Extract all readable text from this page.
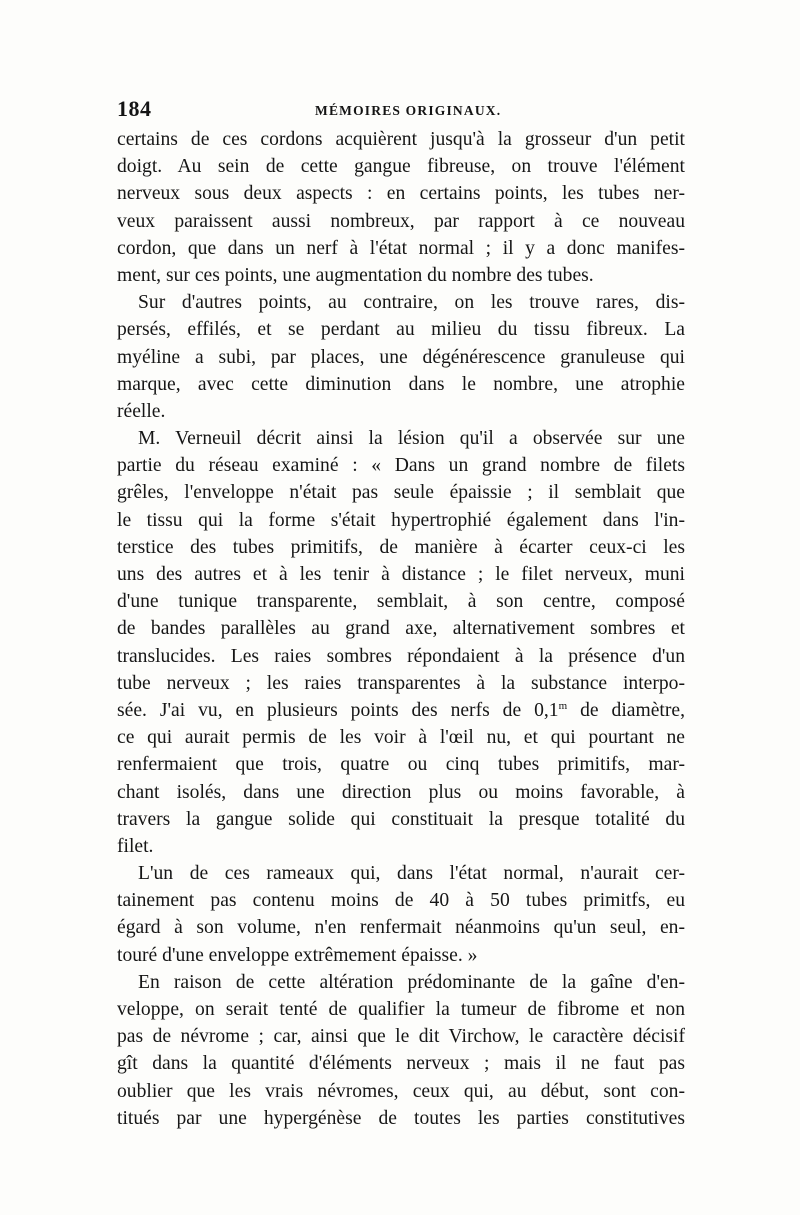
184	MÉMOIRES ORIGINAUX.
certains de ces cordons acquièrent jusqu'à la grosseur d'un petit
doigt. Au sein de cette gangue fibreuse, on trouve l'élément
nerveux sous deux aspects : en certains points, les tubes ner-
veux paraissent aussi nombreux, par rapport à ce nouveau
cordon, que dans un nerf à l'état normal ; il y a donc manifes-
ment, sur ces points, une augmentation du nombre des tubes.
Sur d'autres points, au contraire, on les trouve rares, dis-
persés, effilés, et se perdant au milieu du tissu fibreux. La
myéline a subi, par places, une dégénérescence granuleuse qui
marque, avec cette diminution dans le nombre, une atrophie
réelle.
M. Verneuil décrit ainsi la lésion qu'il a observée sur une
partie du réseau examiné : « Dans un grand nombre de filets
grêles, l'enveloppe n'était pas seule épaissie ; il semblait que
le tissu qui la forme s'était hypertrophié également dans l'in-
terstice des tubes primitifs, de manière à écarter ceux-ci les
uns des autres et à les tenir à distance ; le filet nerveux, muni
d'une tunique transparente, semblait, à son centre, composé
de bandes parallèles au grand axe, alternativement sombres et
translucides. Les raies sombres répondaient à la présence d'un
tube nerveux ; les raies transparentes à la substance interpo-
sée. J'ai vu, en plusieurs points des nerfs de 0,1$^m$ de diamètre,
ce qui aurait permis de les voir à l'œil nu, et qui pourtant ne
renfermaient que trois, quatre ou cinq tubes primitifs, mar-
chant isolés, dans une direction plus ou moins favorable, à
travers la gangue solide qui constituait la presque totalité du
filet.
L'un de ces rameaux qui, dans l'état normal, n'aurait cer-
tainement pas contenu moins de 40 à 50 tubes primitfs, eu
égard à son volume, n'en renfermait néanmoins qu'un seul, en-
touré d'une enveloppe extrêmement épaisse. »
En raison de cette altération prédominante de la gaîne d'en-
veloppe, on serait tenté de qualifier la tumeur de fibrome et non
pas de névrome ; car, ainsi que le dit Virchow, le caractère décisif
gît dans la quantité d'éléments nerveux ; mais il ne faut pas
oublier que les vrais névromes, ceux qui, au début, sont con-
titués par une hypergénèse de toutes les parties constitutives
